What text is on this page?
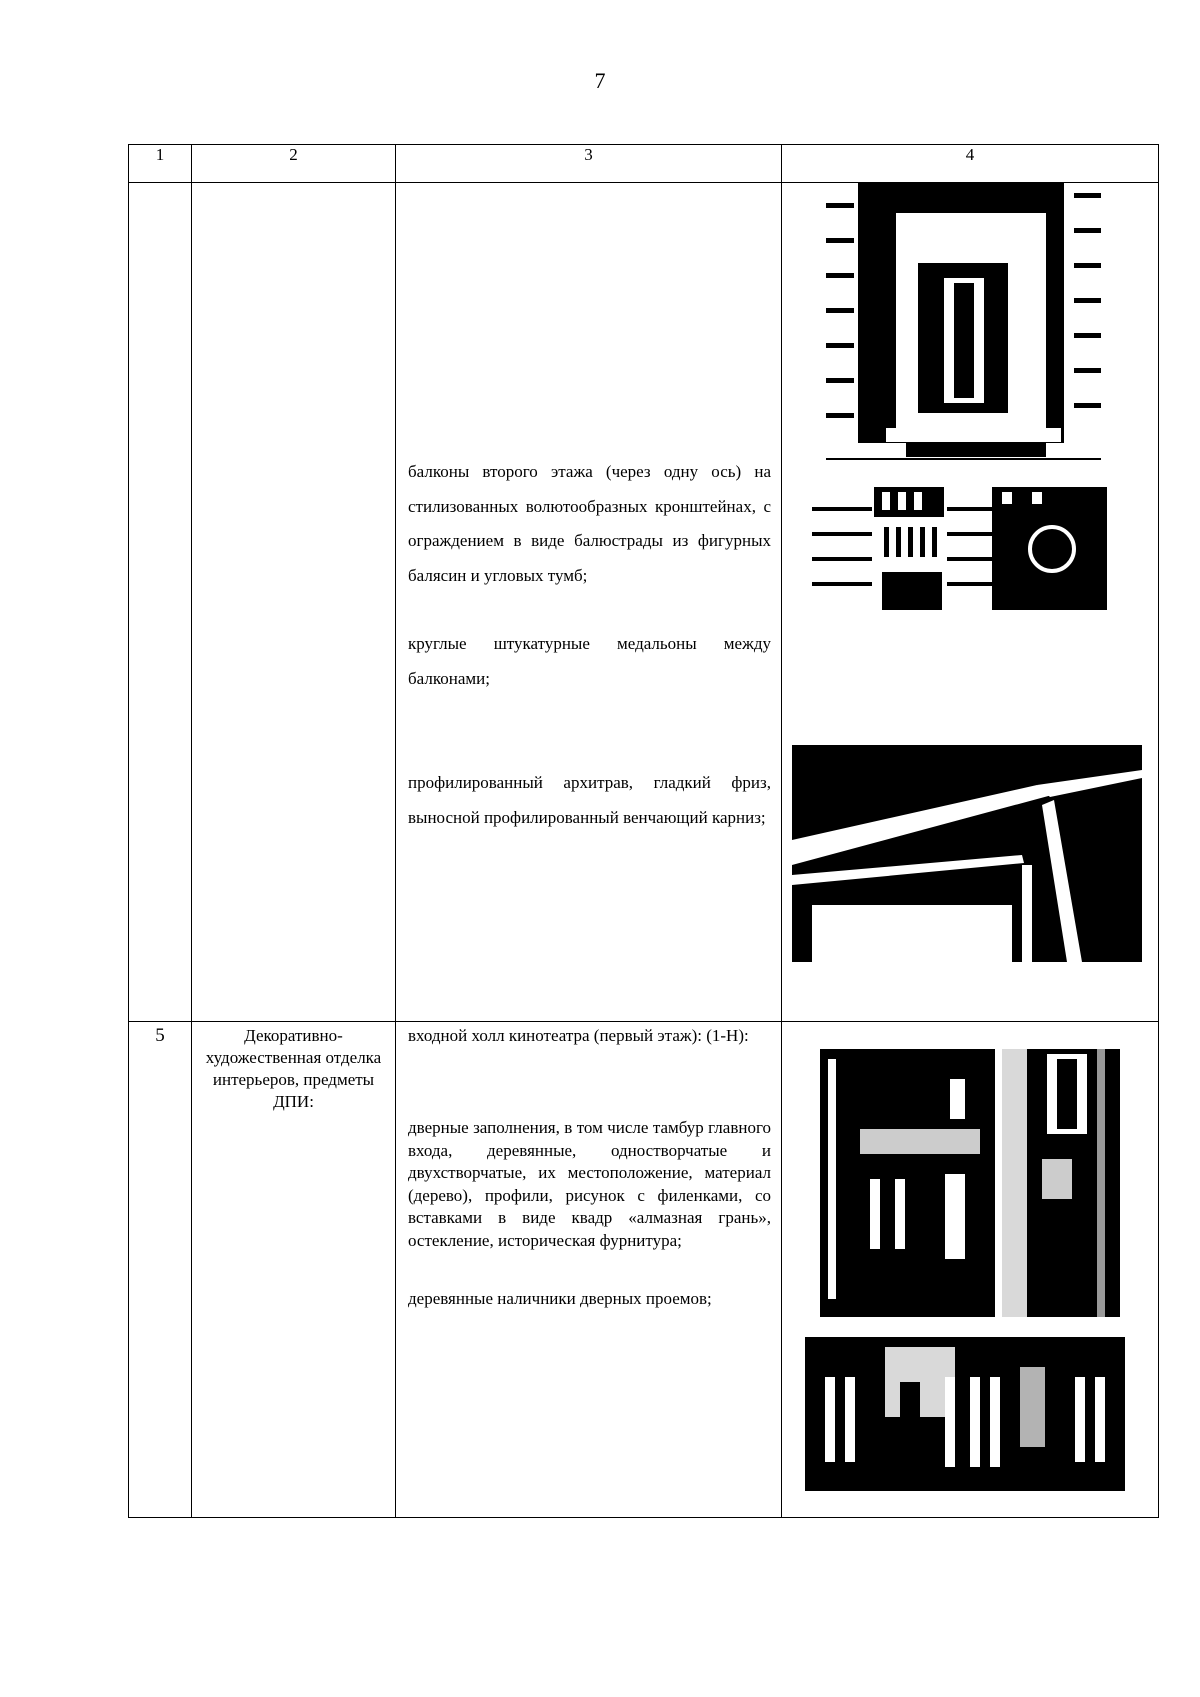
7
1	2	3	4

		балконы второго этажа (через одну ось) на стилизованных волютообразных кронштейнах, с ограждением в виде балюстрады из фигурных балясин и угловых тумб;
круглые штукатурные медальоны между балконами;
профилированный архитрав, гладкий фриз, выносной профилированный венчающий карниз;

5	Декоративно-художественная отделка интерьеров, предметы ДПИ:	входной холл кинотеатра (первый этаж): (1-Н):
дверные заполнения, в том числе тамбур главного входа, деревянные, одностворчатые и двухстворчатые, их местоположение, материал (дерево), профили, рисунок с филенками, со вставками в виде квадр «алмазная грань», остекление, историческая фурнитура;
деревянные наличники дверных проемов;
